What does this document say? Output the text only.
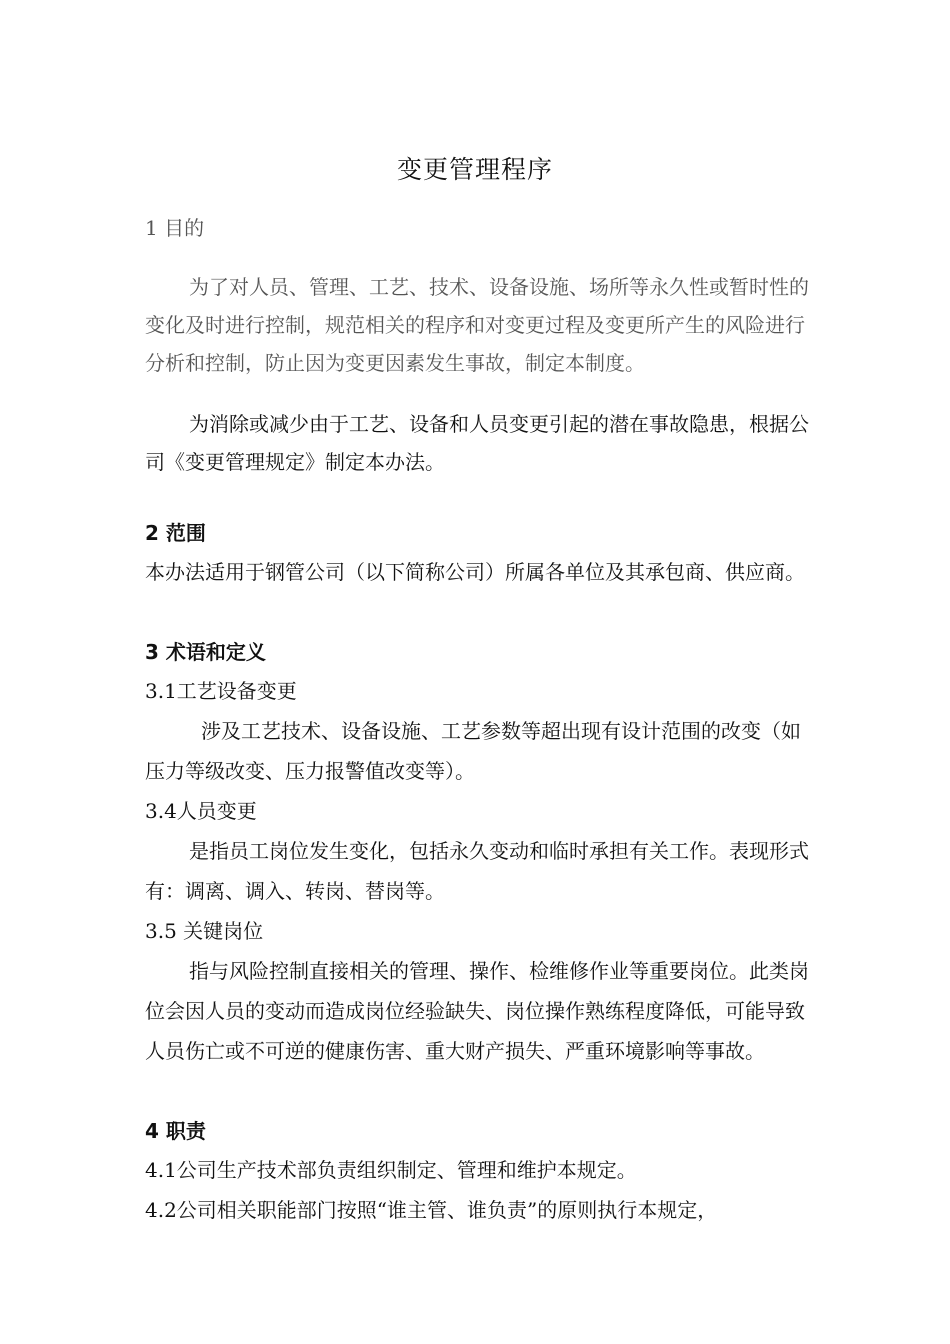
变更管理程序
1 目的
为了对人员、管理、工艺、技术、设备设施、场所等永久性或暂时性的变化及时进行控制，规范相关的程序和对变更过程及变更所产生的风险进行分析和控制，防止因为变更因素发生事故，制定本制度。
为消除或减少由于工艺、设备和人员变更引起的潜在事故隐患，根据公司《变更管理规定》制定本办法。
2 范围
本办法适用于钢管公司（以下简称公司）所属各单位及其承包商、供应商。
3 术语和定义
3.1工艺设备变更
涉及工艺技术、设备设施、工艺参数等超出现有设计范围的改变（如压力等级改变、压力报警值改变等）。
3.4人员变更
是指员工岗位发生变化，包括永久变动和临时承担有关工作。表现形式有：调离、调入、转岗、替岗等。
3.5 关键岗位
指与风险控制直接相关的管理、操作、检维修作业等重要岗位。此类岗位会因人员的变动而造成岗位经验缺失、岗位操作熟练程度降低，可能导致人员伤亡或不可逆的健康伤害、重大财产损失、严重环境影响等事故。
4 职责
4.1公司生产技术部负责组织制定、管理和维护本规定。
4.2公司相关职能部门按照“谁主管、谁负责”的原则执行本规定，
